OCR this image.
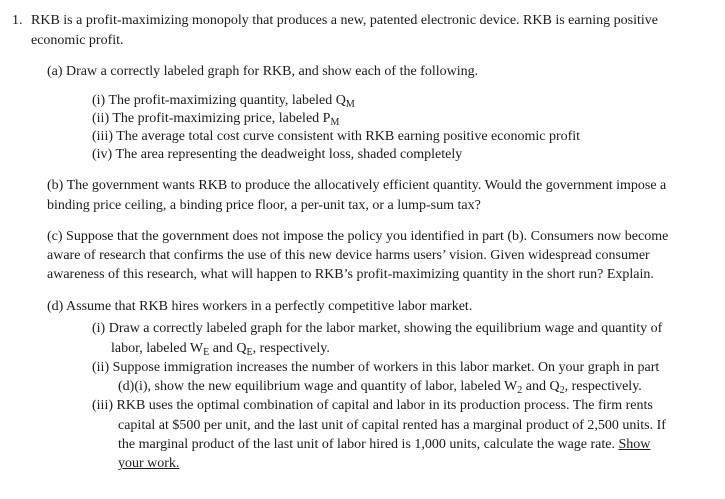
1. RKB is a profit-maximizing monopoly that produces a new, patented electronic device. RKB is earning positive
economic profit.
(a) Draw a correctly labeled graph for RKB, and show each of the following.
(i) The profit-maximizing quantity, labeled $Q_M$
(ii) The profit-maximizing price, labeled $P_M$
(iii) The average total cost curve consistent with RKB earning positive economic profit
(iv) The area representing the deadweight loss, shaded completely
(b) The government wants RKB to produce the allocatively efficient quantity. Would the government impose a
binding price ceiling, a binding price floor, a per-unit tax, or a lump-sum tax?
(c) Suppose that the government does not impose the policy you identified in part (b). Consumers now become
aware of research that confirms the use of this new device harms users’ vision. Given widespread consumer
awareness of this research, what will happen to RKB’s profit-maximizing quantity in the short run? Explain.
(d) Assume that RKB hires workers in a perfectly competitive labor market.
(i) Draw a correctly labeled graph for the labor market, showing the equilibrium wage and quantity of
labor, labeled $W_E$ and $Q_E$, respectively.
(ii) Suppose immigration increases the number of workers in this labor market. On your graph in part
(d)(i), show the new equilibrium wage and quantity of labor, labeled $W_2$ and $Q_2$, respectively.
(iii) RKB uses the optimal combination of capital and labor in its production process. The firm rents
capital at $500 per unit, and the last unit of capital rented has a marginal product of 2,500 units. If
the marginal product of the last unit of labor hired is 1,000 units, calculate the wage rate. Show
your work.
